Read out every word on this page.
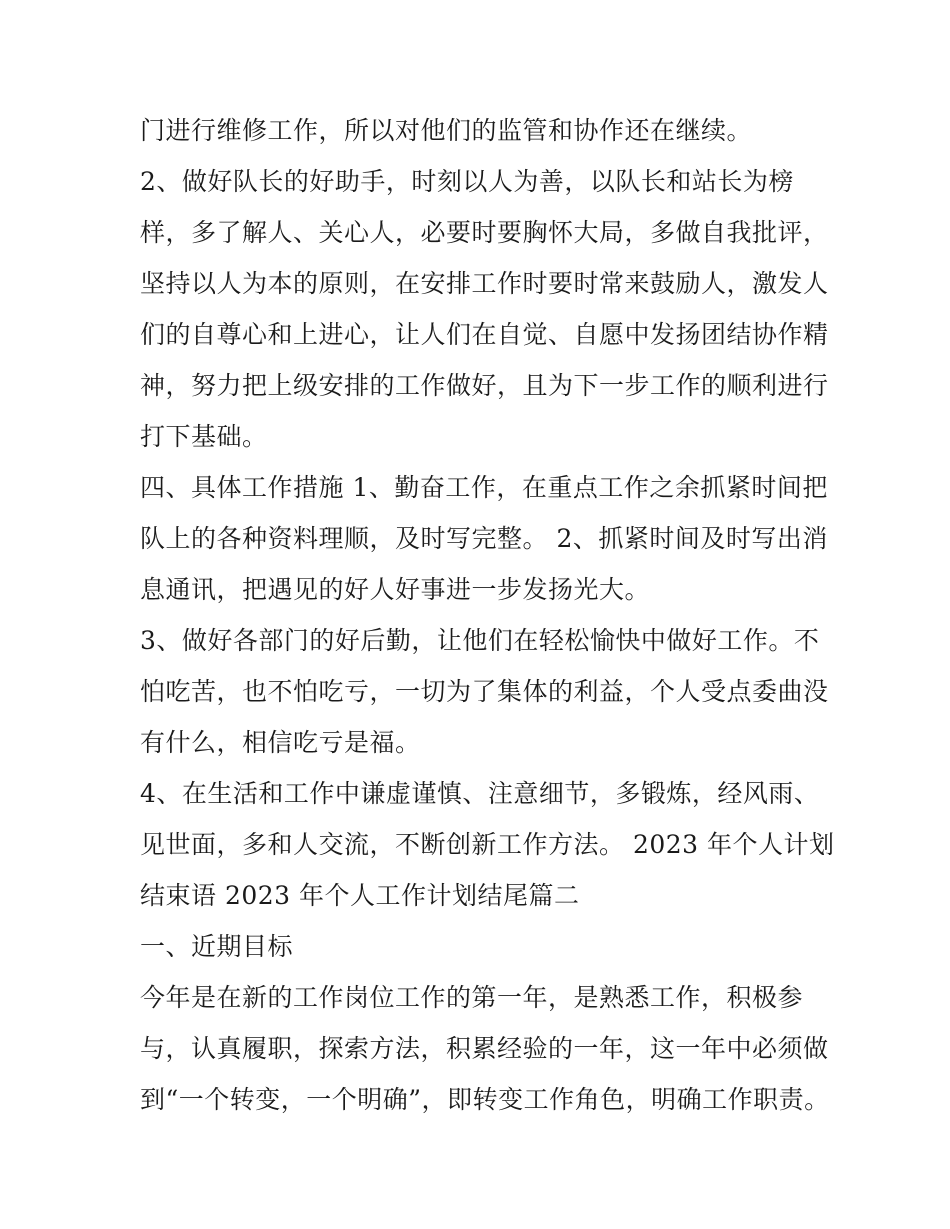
门进行维修工作，所以对他们的监管和协作还在继续。
2、做好队长的好助手，时刻以人为善，以队长和站长为榜
样，多了解人、关心人，必要时要胸怀大局，多做自我批评，
坚持以人为本的原则，在安排工作时要时常来鼓励人，激发人
们的自尊心和上进心，让人们在自觉、自愿中发扬团结协作精
神，努力把上级安排的工作做好，且为下一步工作的顺利进行
打下基础。
四、具体工作措施 1、勤奋工作，在重点工作之余抓紧时间把
队上的各种资料理顺，及时写完整。 2、抓紧时间及时写出消
息通讯，把遇见的好人好事进一步发扬光大。
3、做好各部门的好后勤，让他们在轻松愉快中做好工作。不
怕吃苦，也不怕吃亏，一切为了集体的利益，个人受点委曲没
有什么，相信吃亏是福。
4、在生活和工作中谦虚谨慎、注意细节，多锻炼，经风雨、
见世面，多和人交流，不断创新工作方法。 2023 年个人计划
结束语 2023 年个人工作计划结尾篇二
一、近期目标
今年是在新的工作岗位工作的第一年，是熟悉工作，积极参
与，认真履职，探索方法，积累经验的一年，这一年中必须做
到“一个转变，一个明确”，即转变工作角色，明确工作职责。
